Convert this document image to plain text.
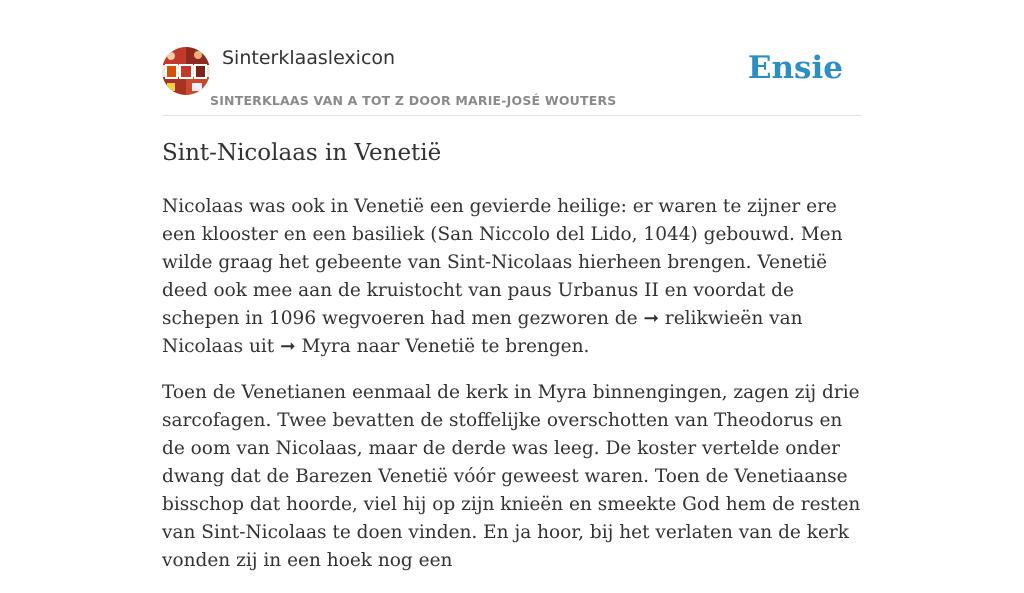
Sinterklaaslexicon
SINTERKLAAS VAN A TOT Z DOOR MARIE-JOSÉ WOUTERS
Ensie
Sint-Nicolaas in Venetië

Nicolaas was ook in Venetië een gevierde heilige: er waren te zijner ere een klooster en een basiliek (San Niccolo del Lido, 1044) gebouwd. Men wilde graag het gebeente van Sint-Nicolaas hierheen brengen. Venetië deed ook mee aan de kruistocht van paus Urbanus II en voordat de schepen in 1096 wegvoeren had men gezworen de ➞ relikwieën van Nicolaas uit ➞ Myra naar Venetië te brengen.

Toen de Venetianen eenmaal de kerk in Myra binnengingen, zagen zij drie sarcofagen. Twee bevatten de stoffelijke overschotten van Theodorus en de oom van Nicolaas, maar de derde was leeg. De koster vertelde onder dwang dat de Barezen Venetië vóór geweest waren. Toen de Venetiaanse bisschop dat hoorde, viel hij op zijn knieën en smeekte God hem de resten van Sint-Nicolaas te doen vinden. En ja hoor, bij het verlaten van de kerk vonden zij in een hoek nog een
